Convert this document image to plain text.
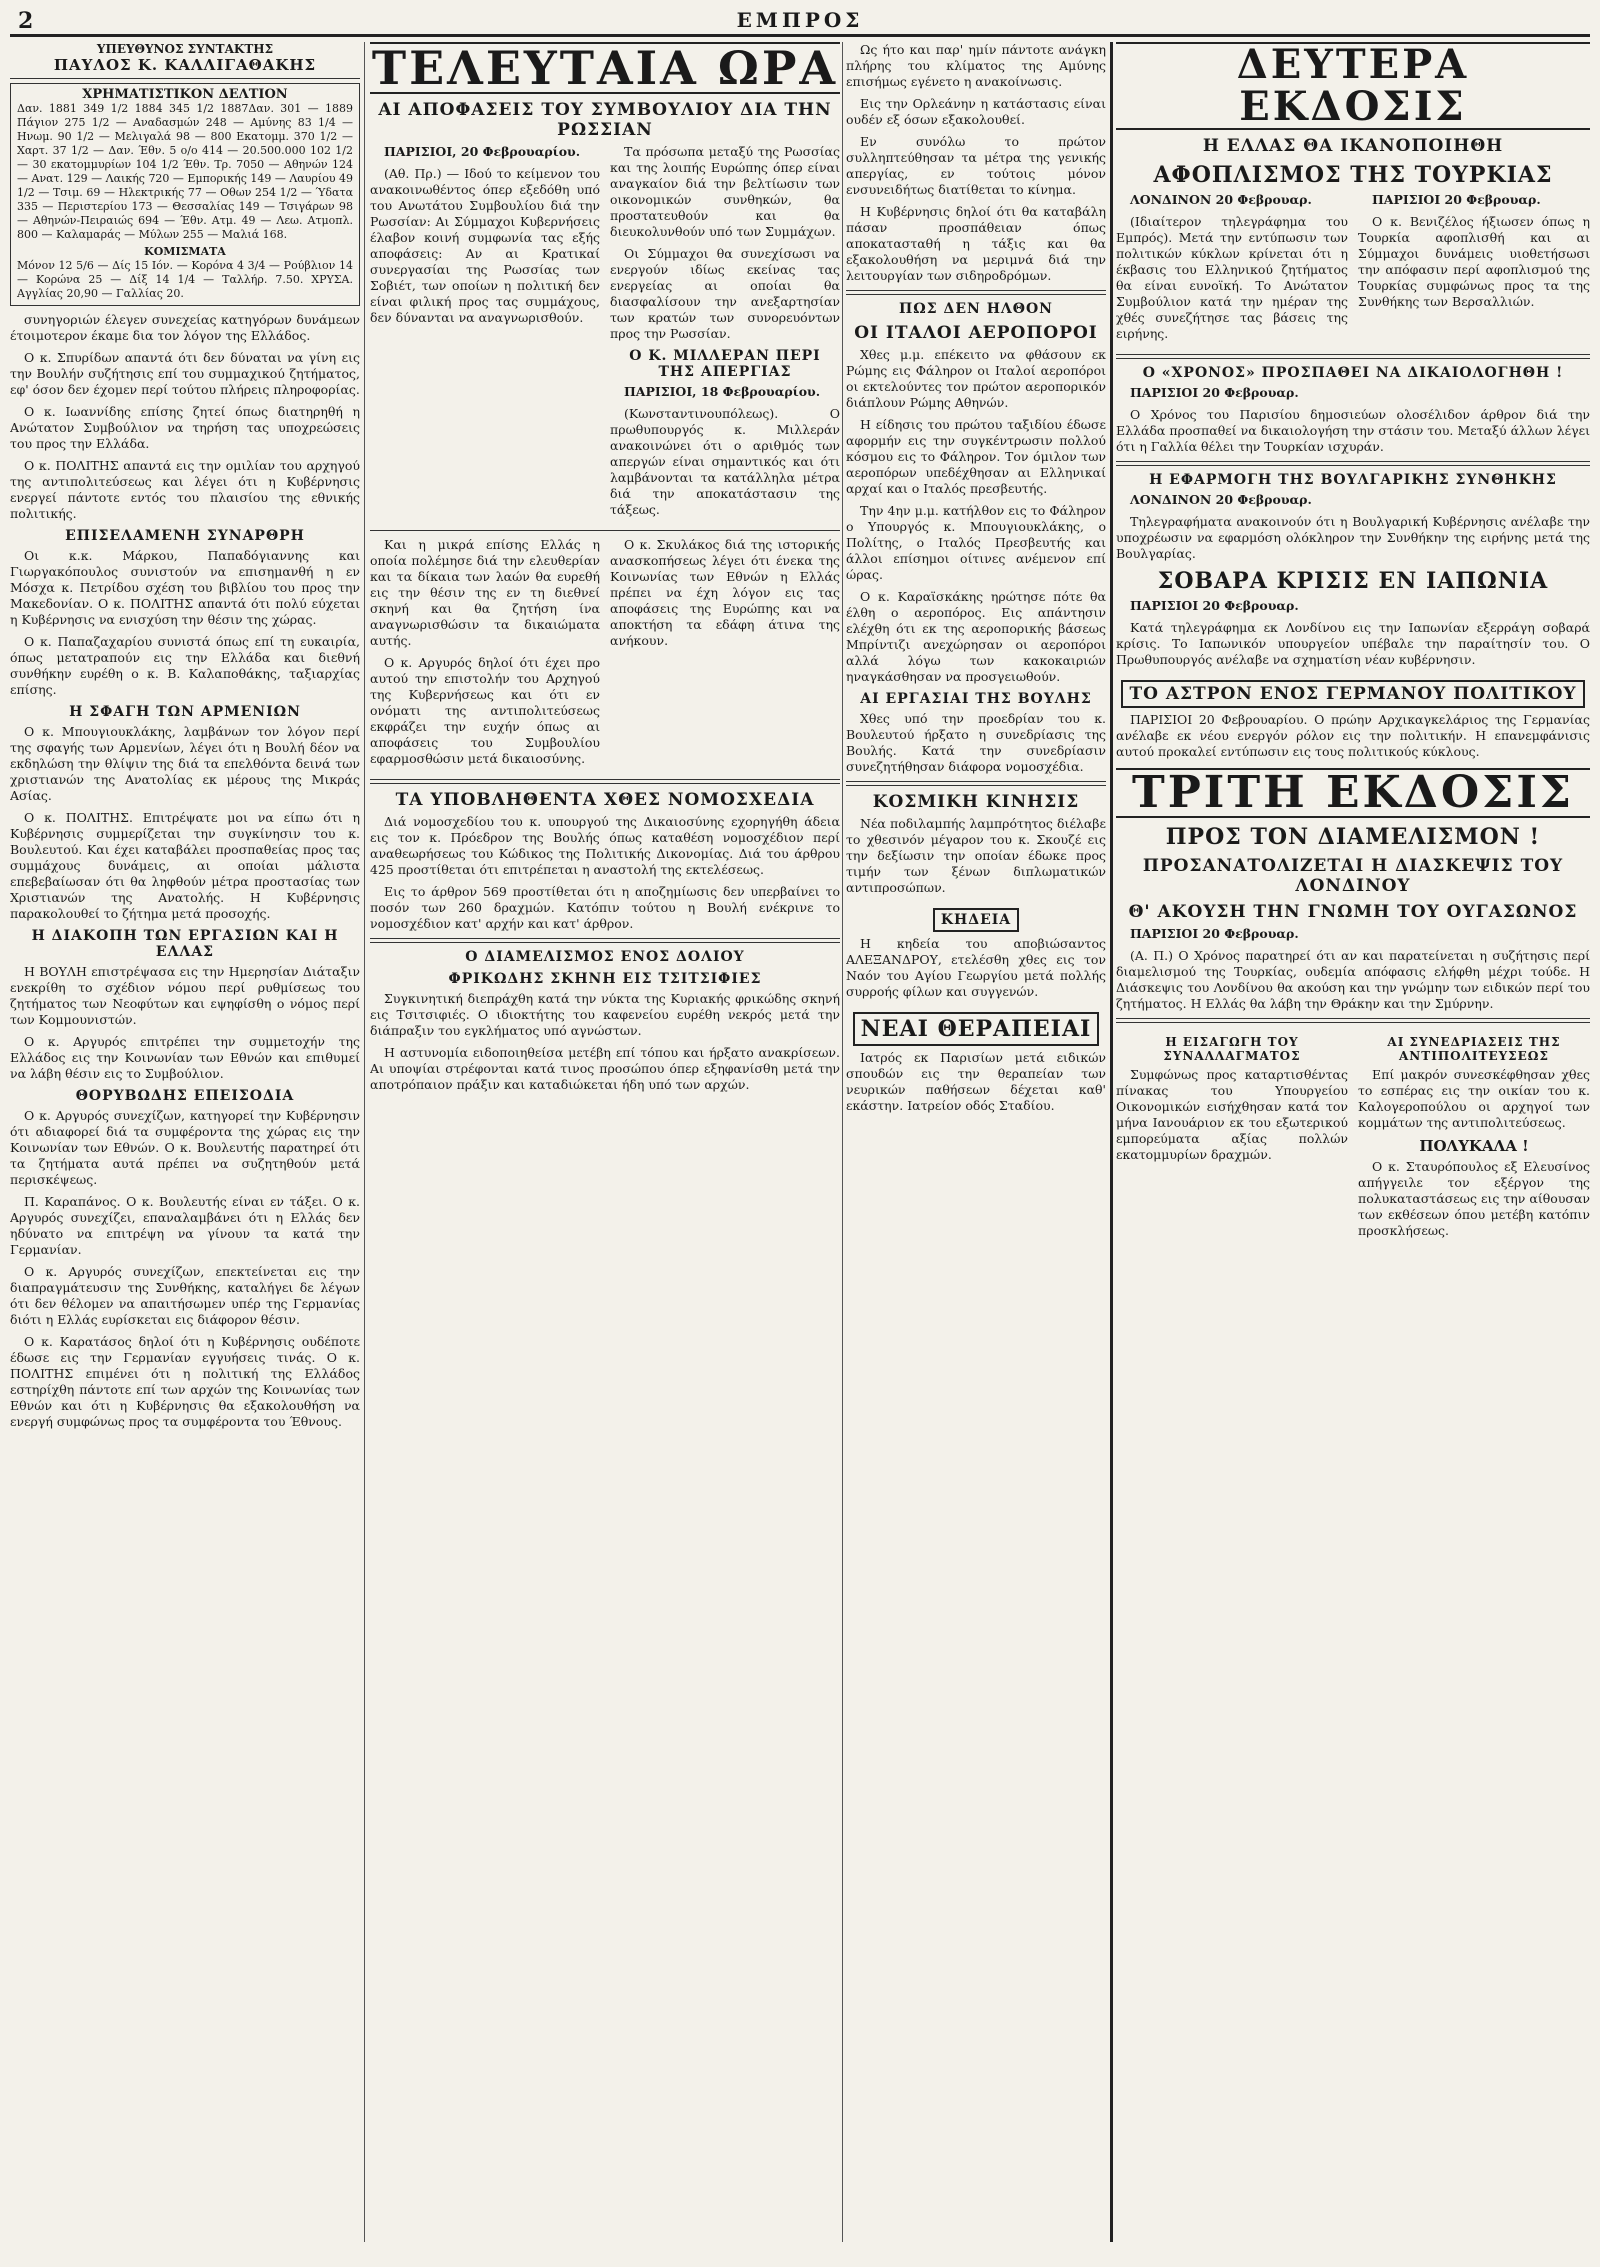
2	ΕΜΠΡΟΣ
ΥΠΕΥΘΥΝΟΣ ΣΥΝΤΑΚΤΗΣ
ΠΑΥΛΟΣ Κ. ΚΑΛΛΙΓΑΘΑΚΗΣ
ΧΡΗΜΑΤΙΣΤΙΚΟΝ ΔΕΛΤΙΟΝ
Δαν. 1881 349 1/2 1884 345 1/2 1887Δαν. 301 — 1889 Πάγιον 275 1/2 — Αναδασμών 248 — Αμύνης 83 1/4 — Ηνωμ. 90 1/2 — Μελιγαλά 98 — 800 Εκατομμ. 370 1/2 — Χαρτ. 37 1/2 — Δαν. Έθν. 5 ο/ο 414 — 20.500.000 102 1/2 — 30 εκατομμυρίων 104 1/2 Έθν. Τρ. 7050 — Αθηνών 124 — Ανατ. 129 — Λαικής 720 — Εμπορικής 149 — Λαυρίου 49 1/2 — Τσιμ. 69 — Ηλεκτρικής 77 — Οθων 254 1/2 — Ύδατα 335 — Περιστερίου 173 — Θεσσαλίας 149 — Τσιγάρων 98 — Αθηνών-Πειραιώς 694 — Έθν. Ατμ. 49 — Λεω. Ατμοπλ. 800 — Καλαμαράς — Μύλων 255 — Μαλιά 168.
ΚΟΜΙΣΜΑΤΑ
Μόνον 12 5/6 — Δίς 15 Ιόν. — Κορόνα 4 3/4 — Ρούβλιον 14 — Κορώνα 25 — Δίξ 14 1/4 — Ταλλήρ. 7.50. ΧΡΥΣΑ. Αγγλίας 20,90 — Γαλλίας 20.

συνηγοριών έλεγεν συνεχείας κατηγόρων δυνάμεων έτοιμοτερον έκαμε δια τον λόγον της Ελλάδος.

Ο κ. Σπυρίδων απαντά ότι δεν δύναται να γίνη εις την Βουλήν συζήτησις επί του συμμαχικού ζητήματος, εφ' όσον δεν έχομεν περί τούτου πλήρεις πληροφορίας.

Ο κ. Ιωαννίδης επίσης ζητεί όπως διατηρηθή η Ανώτατον Συμβούλιον να τηρήση τας υποχρεώσεις του προς την Ελλάδα.

Ο κ. ΠΟΛΙΤΗΣ απαντά εις την ομιλίαν του αρχηγού της αντιπολιτεύσεως και λέγει ότι η Κυβέρνησις ενεργεί πάντοτε εντός του πλαισίου της εθνικής πολιτικής.

ΕΠΙΣΕΛΑΜΕΝΗ ΣΥΝΑΡΘΡΗ

Οι κ.κ. Μάρκου, Παπαδόγιαννης και Γιωργακόπουλος συνιστούν να επισημανθή η εν Μόσχα κ. Πετρίδου σχέση του βιβλίου του προς την Μακεδονίαν. Ο κ. ΠΟΛΙΤΗΣ απαντά ότι πολύ εύχεται η Κυβέρνησις να ενισχύση την θέσιν της χώρας.

Ο κ. Παπαζαχαρίου συνιστά όπως επί τη ευκαιρία, όπως μετατραπούν εις την Ελλάδα και διεθνή συνθήκην ευρέθη ο κ. Β. Καλαποθάκης, ταξιαρχίας επίσης.

Η ΣΦΑΓΗ ΤΩΝ ΑΡΜΕΝΙΩΝ

Ο κ. Μπουγιουκλάκης, λαμβάνων τον λόγον περί της σφαγής των Αρμενίων, λέγει ότι η Βουλή δέον να εκδηλώση την θλίψιν της διά τα επελθόντα δεινά των χριστιανών της Ανατολίας εκ μέρους της Μικράς Ασίας.

Ο κ. ΠΟΛΙΤΗΣ. Επιτρέψατε μοι να είπω ότι η Κυβέρνησις συμμερίζεται την συγκίνησιν του κ. Βουλευτού. Και έχει καταβάλει προσπαθείας προς τας συμμάχους δυνάμεις, αι οποίαι μάλιστα επεβεβαίωσαν ότι θα ληφθούν μέτρα προστασίας των Χριστιανών της Ανατολής. Η Κυβέρνησις παρακολουθεί το ζήτημα μετά προσοχής.

Η ΔΙΑΚΟΠΗ ΤΩΝ ΕΡΓΑΣΙΩΝ ΚΑΙ Η ΕΛΛΑΣ

Η ΒΟΥΛΗ επιστρέψασα εις την Ημερησίαν Διάταξιν ενεκρίθη το σχέδιον νόμου περί ρυθμίσεως του ζητήματος των Νεοφύτων και εψηφίσθη ο νόμος περί των Κομμουνιστών.

Ο κ. Αργυρός επιτρέπει την συμμετοχήν της Ελλάδος εις την Κοινωνίαν των Εθνών και επιθυμεί να λάβη θέσιν εις το Συμβούλιον.

ΘΟΡΥΒΩΔΗΣ ΕΠΕΙΣΟΔΙΑ

Ο κ. Αργυρός συνεχίζων, κατηγορεί την Κυβέρνησιν ότι αδιαφορεί διά τα συμφέροντα της χώρας εις την Κοινωνίαν των Εθνών. Ο κ. Βουλευτής παρατηρεί ότι τα ζητήματα αυτά πρέπει να συζητηθούν μετά περισκέψεως.

Π. Καραπάνος. Ο κ. Βουλευτής είναι εν τάξει. Ο κ. Αργυρός συνεχίζει, επαναλαμβάνει ότι η Ελλάς δεν ηδύνατο να επιτρέψη να γίνουν τα κατά την Γερμανίαν.

Ο κ. Αργυρός συνεχίζων, επεκτείνεται εις την διαπραγμάτευσιν της Συνθήκης, καταλήγει δε λέγων ότι δεν θέλομεν να απαιτήσωμεν υπέρ της Γερμανίας διότι η Ελλάς ευρίσκεται εις διάφορον θέσιν.

Ο κ. Καρατάσος δηλοί ότι η Κυβέρνησις ουδέποτε έδωσε εις την Γερμανίαν εγγυήσεις τινάς. Ο κ. ΠΟΛΙΤΗΣ επιμένει ότι η πολιτική της Ελλάδος εστηρίχθη πάντοτε επί των αρχών της Κοινωνίας των Εθνών και ότι η Κυβέρνησις θα εξακολουθήση να ενεργή συμφώνως προς τα συμφέροντα του Έθνους.

ΤΕΛΕΥΤΑΙΑ ΩΡΑ
ΑΙ ΑΠΟΦΑΣΕΙΣ ΤΟΥ ΣΥΜΒΟΥΛΙΟΥ ΔΙΑ ΤΗΝ ΡΩΣΣΙΑΝ

ΠΑΡΙΣΙΟΙ, 20 Φεβρουαρίου.

(Αθ. Πρ.) — Ιδού το κείμενον του ανακοινωθέντος όπερ εξεδόθη υπό του Ανωτάτου Συμβουλίου διά την Ρωσσίαν: Αι Σύμμαχοι Κυβερνήσεις έλαβον κοινή συμφωνία τας εξής αποφάσεις: Αν αι Κρατικαί συνεργασίαι της Ρωσσίας των Σοβιέτ, των οποίων η πολιτική δεν είναι φιλική προς τας συμμάχους, δεν δύνανται να αναγνωρισθούν.

Τα πρόσωπα μεταξύ της Ρωσσίας και της λοιπής Ευρώπης όπερ είναι αναγκαίον διά την βελτίωσιν των οικονομικών συνθηκών, θα προστατευθούν και θα διευκολυνθούν υπό των Συμμάχων.

Οι Σύμμαχοι θα συνεχίσωσι να ενεργούν ιδίως εκείνας τας ενεργείας αι οποίαι θα διασφαλίσουν την ανεξαρτησίαν των κρατών των συνορευόντων προς την Ρωσσίαν.

Ο Κ. ΜΙΛΛΕΡΑΝ ΠΕΡΙ ΤΗΣ ΑΠΕΡΓΙΑΣ

ΠΑΡΙΣΙΟΙ, 18 Φεβρουαρίου.

(Κωνσταντινουπόλεως). Ο πρωθυπουργός κ. Μιλλεράν ανακοινώνει ότι ο αριθμός των απεργών είναι σημαντικός και ότι λαμβάνονται τα κατάλληλα μέτρα διά την αποκατάστασιν της τάξεως.

Και η μικρά επίσης Ελλάς η οποία πολέμησε διά την ελευθερίαν και τα δίκαια των λαών θα ευρεθή εις την θέσιν της εν τη διεθνεί σκηνή και θα ζητήση ίνα αναγνωρισθώσιν τα δικαιώματα αυτής.

Ο κ. Αργυρός δηλοί ότι έχει προ αυτού την επιστολήν του Αρχηγού της Κυβερνήσεως και ότι εν ονόματι της αντιπολιτεύσεως εκφράζει την ευχήν όπως αι αποφάσεις του Συμβουλίου εφαρμοσθώσιν μετά δικαιοσύνης.

Ο κ. Σκυλάκος διά της ιστορικής ανασκοπήσεως λέγει ότι ένεκα της Κοινωνίας των Εθνών η Ελλάς πρέπει να έχη λόγον εις τας αποφάσεις της Ευρώπης και να αποκτήση τα εδάφη άτινα της ανήκουν.

ΤΑ ΥΠΟΒΛΗΘΕΝΤΑ ΧΘΕΣ ΝΟΜΟΣΧΕΔΙΑ

Διά νομοσχεδίου του κ. υπουργού της Δικαιοσύνης εχορηγήθη άδεια εις τον κ. Πρόεδρον της Βουλής όπως καταθέση νομοσχέδιον περί αναθεωρήσεως του Κώδικος της Πολιτικής Δικονομίας. Διά του άρθρου 425 προστίθεται ότι επιτρέπεται η αναστολή της εκτελέσεως.

Εις το άρθρον 569 προστίθεται ότι η αποζημίωσις δεν υπερβαίνει το ποσόν των 260 δραχμών. Κατόπιν τούτου η Βουλή ενέκρινε το νομοσχέδιον κατ' αρχήν και κατ' άρθρον.

Ο ΔΙΑΜΕΛΙΣΜΟΣ ΕΝΟΣ ΔΟΛΙΟΥ
ΦΡΙΚΩΔΗΣ ΣΚΗΝΗ ΕΙΣ ΤΣΙΤΣΙΦΙΕΣ

Συγκινητική διεπράχθη κατά την νύκτα της Κυριακής φρικώδης σκηνή εις Τσιτσιφιές. Ο ιδιοκτήτης του καφενείου ευρέθη νεκρός μετά την διάπραξιν του εγκλήματος υπό αγνώστων.

Η αστυνομία ειδοποιηθείσα μετέβη επί τόπου και ήρξατο ανακρίσεων. Αι υποψίαι στρέφονται κατά τινος προσώπου όπερ εξηφανίσθη μετά την αποτρόπαιον πράξιν και καταδιώκεται ήδη υπό των αρχών.

Ως ήτο και παρ' ημίν πάντοτε ανάγκη πλήρης του κλίματος της Αμύνης επισήμως εγένετο η ανακοίνωσις.

Εις την Ορλεάνην η κατάστασις είναι ουδέν εξ όσων εξακολουθεί.

Εν συνόλω το πρώτον συλληπτεύθησαν τα μέτρα της γενικής απεργίας, εν τούτοις μόνον ενσυνειδήτως διατίθεται το κίνημα.

Η Κυβέρνησις δηλοί ότι θα καταβάλη πάσαν προσπάθειαν όπως αποκατασταθή η τάξις και θα εξακολουθήση να μεριμνά διά την λειτουργίαν των σιδηροδρόμων.

ΠΩΣ ΔΕΝ ΗΛΘΟΝ
ΟΙ ΙΤΑΛΟΙ ΑΕΡΟΠΟΡΟΙ

Χθες μ.μ. επέκειτο να φθάσουν εκ Ρώμης εις Φάληρον οι Ιταλοί αεροπόροι οι εκτελούντες τον πρώτον αεροπορικόν διάπλουν Ρώμης Αθηνών.

Η είδησις του πρώτου ταξιδίου έδωσε αφορμήν εις την συγκέντρωσιν πολλού κόσμου εις το Φάληρον. Τον όμιλον των αεροπόρων υπεδέχθησαν αι Ελληνικαί αρχαί και ο Ιταλός πρεσβευτής.

Την 4ην μ.μ. κατήλθον εις το Φάληρον ο Υπουργός κ. Μπουγιουκλάκης, ο Πολίτης, ο Ιταλός Πρεσβευτής και άλλοι επίσημοι οίτινες ανέμενον επί ώρας.

Ο κ. Καραϊσκάκης ηρώτησε πότε θα έλθη ο αεροπόρος. Εις απάντησιν ελέχθη ότι εκ της αεροπορικής βάσεως Μπρίντιζι ανεχώρησαν οι αεροπόροι αλλά λόγω των κακοκαιριών ηναγκάσθησαν να προσγειωθούν.

ΑΙ ΕΡΓΑΣΙΑΙ ΤΗΣ ΒΟΥΛΗΣ

Χθες υπό την προεδρίαν του κ. Βουλευτού ήρξατο η συνεδρίασις της Βουλής. Κατά την συνεδρίασιν συνεζητήθησαν διάφορα νομοσχέδια.

ΚΟΣΜΙΚΗ ΚΙΝΗΣΙΣ

Νέα ποδιλαμπής λαμπρότητος διέλαβε το χθεσινόν μέγαρον του κ. Σκουζέ εις την δεξίωσιν την οποίαν έδωκε προς τιμήν των ξένων διπλωματικών αντιπροσώπων.

ΚΗΔΕΙΑ

Η κηδεία του αποβιώσαντος ΑΛΕΞΑΝΔΡΟΥ, ετελέσθη χθες εις τον Ναόν του Αγίου Γεωργίου μετά πολλής συρροής φίλων και συγγενών.

ΝΕΑΙ ΘΕΡΑΠΕΙΑΙ

Ιατρός εκ Παρισίων μετά ειδικών σπουδών εις την θεραπείαν των νευρικών παθήσεων δέχεται καθ' εκάστην. Ιατρείον οδός Σταδίου.

ΔΕΥΤΕΡΑ ΕΚΔΟΣΙΣ
Η ΕΛΛΑΣ ΘΑ ΙΚΑΝΟΠΟΙΗΘΗ
ΑΦΟΠΛΙΣΜΟΣ ΤΗΣ ΤΟΥΡΚΙΑΣ

ΛΟΝΔΙΝΟΝ 20 Φεβρουαρ.

(Ιδιαίτερον τηλεγράφημα του Εμπρός). Μετά την εντύπωσιν των πολιτικών κύκλων κρίνεται ότι η έκβασις του Ελληνικού ζητήματος θα είναι ευνοϊκή. Το Ανώτατον Συμβούλιον κατά την ημέραν της χθές συνεζήτησε τας βάσεις της ειρήνης.

ΠΑΡΙΣΙΟΙ 20 Φεβρουαρ.

Ο κ. Βενιζέλος ήξιωσεν όπως η Τουρκία αφοπλισθή και αι Σύμμαχοι δυνάμεις υιοθετήσωσι την απόφασιν περί αφοπλισμού της Τουρκίας συμφώνως προς τα της Συνθήκης των Βερσαλλιών.

Ο «ΧΡΟΝΟΣ» ΠΡΟΣΠΑΘΕΙ ΝΑ ΔΙΚΑΙΟΛΟΓΗΘΗ !

ΠΑΡΙΣΙΟΙ 20 Φεβρουαρ.

Ο Χρόνος του Παρισίου δημοσιεύων ολοσέλιδον άρθρον διά την Ελλάδα προσπαθεί να δικαιολογήση την στάσιν του. Μεταξύ άλλων λέγει ότι η Γαλλία θέλει την Τουρκίαν ισχυράν.

Η ΕΦΑΡΜΟΓΗ ΤΗΣ ΒΟΥΛΓΑΡΙΚΗΣ ΣΥΝΘΗΚΗΣ

ΛΟΝΔΙΝΟΝ 20 Φεβρουαρ.

Τηλεγραφήματα ανακοινούν ότι η Βουλγαρική Κυβέρνησις ανέλαβε την υποχρέωσιν να εφαρμόση ολόκληρον την Συνθήκην της ειρήνης μετά της Βουλγαρίας.

ΣΟΒΑΡΑ ΚΡΙΣΙΣ ΕΝ ΙΑΠΩΝΙΑ

ΠΑΡΙΣΙΟΙ 20 Φεβρουαρ.

Κατά τηλεγράφημα εκ Λονδίνου εις την Ιαπωνίαν εξερράγη σοβαρά κρίσις. Το Ιαπωνικόν υπουργείον υπέβαλε την παραίτησίν του. Ο Πρωθυπουργός ανέλαβε να σχηματίση νέαν κυβέρνησιν.

ΤΟ ΑΣΤΡΟΝ ΕΝΟΣ ΓΕΡΜΑΝΟΥ ΠΟΛΙΤΙΚΟΥ

ΠΑΡΙΣΙΟΙ 20 Φεβρουαρίου. Ο πρώην Αρχικαγκελάριος της Γερμανίας ανέλαβε εκ νέου ενεργόν ρόλον εις την πολιτικήν. Η επανεμφάνισις αυτού προκαλεί εντύπωσιν εις τους πολιτικούς κύκλους.

ΤΡΙΤΗ ΕΚΔΟΣΙΣ
ΠΡΟΣ ΤΟΝ ΔΙΑΜΕΛΙΣΜΟΝ !
ΠΡΟΣΑΝΑΤΟΛΙΖΕΤΑΙ Η ΔΙΑΣΚΕΨΙΣ ΤΟΥ ΛΟΝΔΙΝΟΥ
Θ' ΑΚΟΥΣΗ ΤΗΝ ΓΝΩΜΗ ΤΟΥ ΟΥΓΑΣΩΝΟΣ

ΠΑΡΙΣΙΟΙ 20 Φεβρουαρ.

(Α. Π.) Ο Χρόνος παρατηρεί ότι αν και παρατείνεται η συζήτησις περί διαμελισμού της Τουρκίας, ουδεμία απόφασις ελήφθη μέχρι τούδε. Η Διάσκεψις του Λονδίνου θα ακούση και την γνώμην των ειδικών περί του ζητήματος. Η Ελλάς θα λάβη την Θράκην και την Σμύρνην.

Η ΕΙΣΑΓΩΓΗ ΤΟΥ ΣΥΝΑΛΛΑΓΜΑΤΟΣ

Συμφώνως προς καταρτισθέντας πίνακας του Υπουργείου Οικονομικών εισήχθησαν κατά τον μήνα Ιανουάριον εκ του εξωτερικού εμπορεύματα αξίας πολλών εκατομμυρίων δραχμών.

ΑΙ ΣΥΝΕΔΡΙΑΣΕΙΣ ΤΗΣ ΑΝΤΙΠΟΛΙΤΕΥΣΕΩΣ

Επί μακρόν συνεσκέφθησαν χθες το εσπέρας εις την οικίαν του κ. Καλογεροπούλου οι αρχηγοί των κομμάτων της αντιπολιτεύσεως.

ΠΟΛΥΚΑΛΑ !

Ο κ. Σταυρόπουλος εξ Ελευσίνος απήγγειλε τον εξέργον της πολυκαταστάσεως εις την αίθουσαν των εκθέσεων όπου μετέβη κατόπιν προσκλήσεως.
